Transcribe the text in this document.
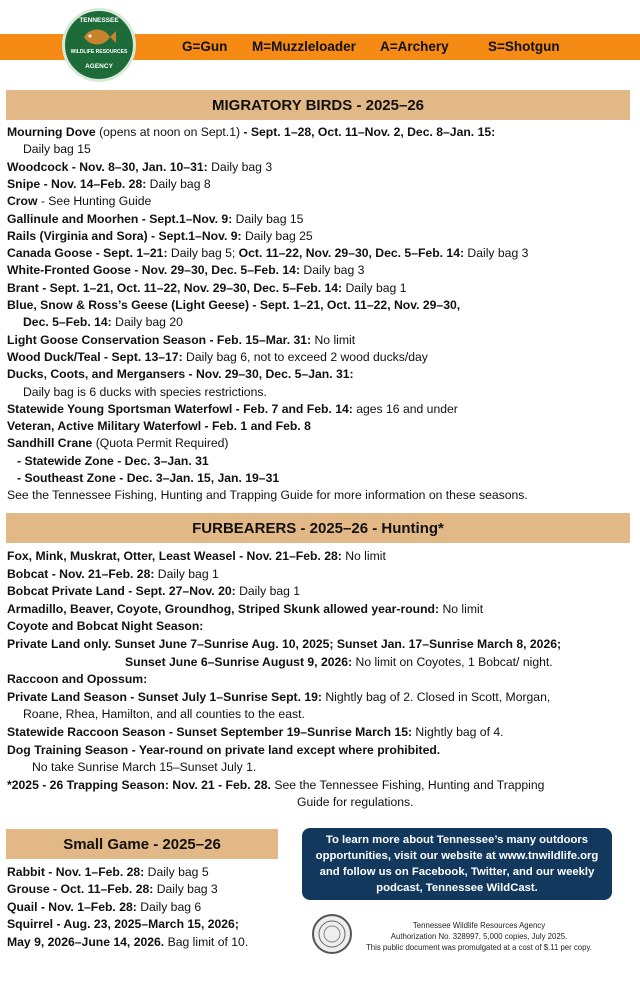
G=Gun M=Muzzleloader A=Archery	S=Shotgun
TENNESSEE
WILDLIFE RESOURCES
AGENCY
MIGRATORY BIRDS - 2025–26
FURBEARERS - 2025–26 - Hunting*
Small Game - 2025–26
Mourning Dove (opens at noon on Sept.1) - Sept. 1–28, Oct. 11–Nov. 2, Dec. 8–Jan. 15:
Daily bag 15
Woodcock - Nov. 8–30, Jan. 10–31: Daily bag 3
Snipe - Nov. 14–Feb. 28: Daily bag 8
Crow - See Hunting Guide
Gallinule and Moorhen - Sept.1–Nov. 9: Daily bag 15
Rails (Virginia and Sora) - Sept.1–Nov. 9: Daily bag 25
Canada Goose - Sept. 1–21: Daily bag 5; Oct. 11–22, Nov. 29–30, Dec. 5–Feb. 14: Daily bag 3
White-Fronted Goose - Nov. 29–30, Dec. 5–Feb. 14: Daily bag 3
Brant - Sept. 1–21, Oct. 11–22, Nov. 29–30, Dec. 5–Feb. 14: Daily bag 1
Blue, Snow & Ross’s Geese (Light Geese) - Sept. 1–21, Oct. 11–22, Nov. 29–30,
Dec. 5–Feb. 14: Daily bag 20
Light Goose Conservation Season - Feb. 15–Mar. 31: No limit
Wood Duck/Teal - Sept. 13–17: Daily bag 6, not to exceed 2 wood ducks/day
Ducks, Coots, and Mergansers - Nov. 29–30, Dec. 5–Jan. 31:
Daily bag is 6 ducks with species restrictions.
Statewide Young Sportsman Waterfowl - Feb. 7 and Feb. 14: ages 16 and under
Veteran, Active Military Waterfowl - Feb. 1 and Feb. 8
Sandhill Crane (Quota Permit Required)
- Statewide Zone - Dec. 3–Jan. 31
- Southeast Zone - Dec. 3–Jan. 15, Jan. 19–31
See the Tennessee Fishing, Hunting and Trapping Guide for more information on these seasons.
Fox, Mink, Muskrat, Otter, Least Weasel - Nov. 21–Feb. 28: No limit
Bobcat - Nov. 21–Feb. 28: Daily bag 1
Bobcat Private Land - Sept. 27–Nov. 20: Daily bag 1
Armadillo, Beaver, Coyote, Groundhog, Striped Skunk allowed year-round: No limit
Coyote and Bobcat Night Season:
Private Land only. Sunset June 7–Sunrise Aug. 10, 2025; Sunset Jan. 17–Sunrise March 8, 2026;
Sunset June 6–Sunrise August 9, 2026: No limit on Coyotes, 1 Bobcat/ night.
Raccoon and Opossum:
Private Land Season - Sunset July 1–Sunrise Sept. 19: Nightly bag of 2. Closed in Scott, Morgan,
Roane, Rhea, Hamilton, and all counties to the east.
Statewide Raccoon Season - Sunset September 19–Sunrise March 15: Nightly bag of 4.
Dog Training Season - Year-round on private land except where prohibited.
No take Sunrise March 15–Sunset July 1.
*2025 - 26 Trapping Season: Nov. 21 - Feb. 28. See the Tennessee Fishing, Hunting and Trapping
Guide for regulations.
Rabbit - Nov. 1–Feb. 28: Daily bag 5
Grouse - Oct. 11–Feb. 28: Daily bag 3
Quail - Nov. 1–Feb. 28: Daily bag 6
Squirrel - Aug. 23, 2025–March 15, 2026;
May 9, 2026–June 14, 2026. Bag limit of 10.
To learn more about Tennessee’s many outdoors
opportunities, visit our website at www.tnwildlife.org
and follow us on Facebook, Twitter, and our weekly
podcast, Tennessee WildCast.
Tennessee Wildlife Resources Agency
Authorization No. 328997, 5,000 copies, July 2025.
This public document was promulgated at a cost of $.11 per copy.
